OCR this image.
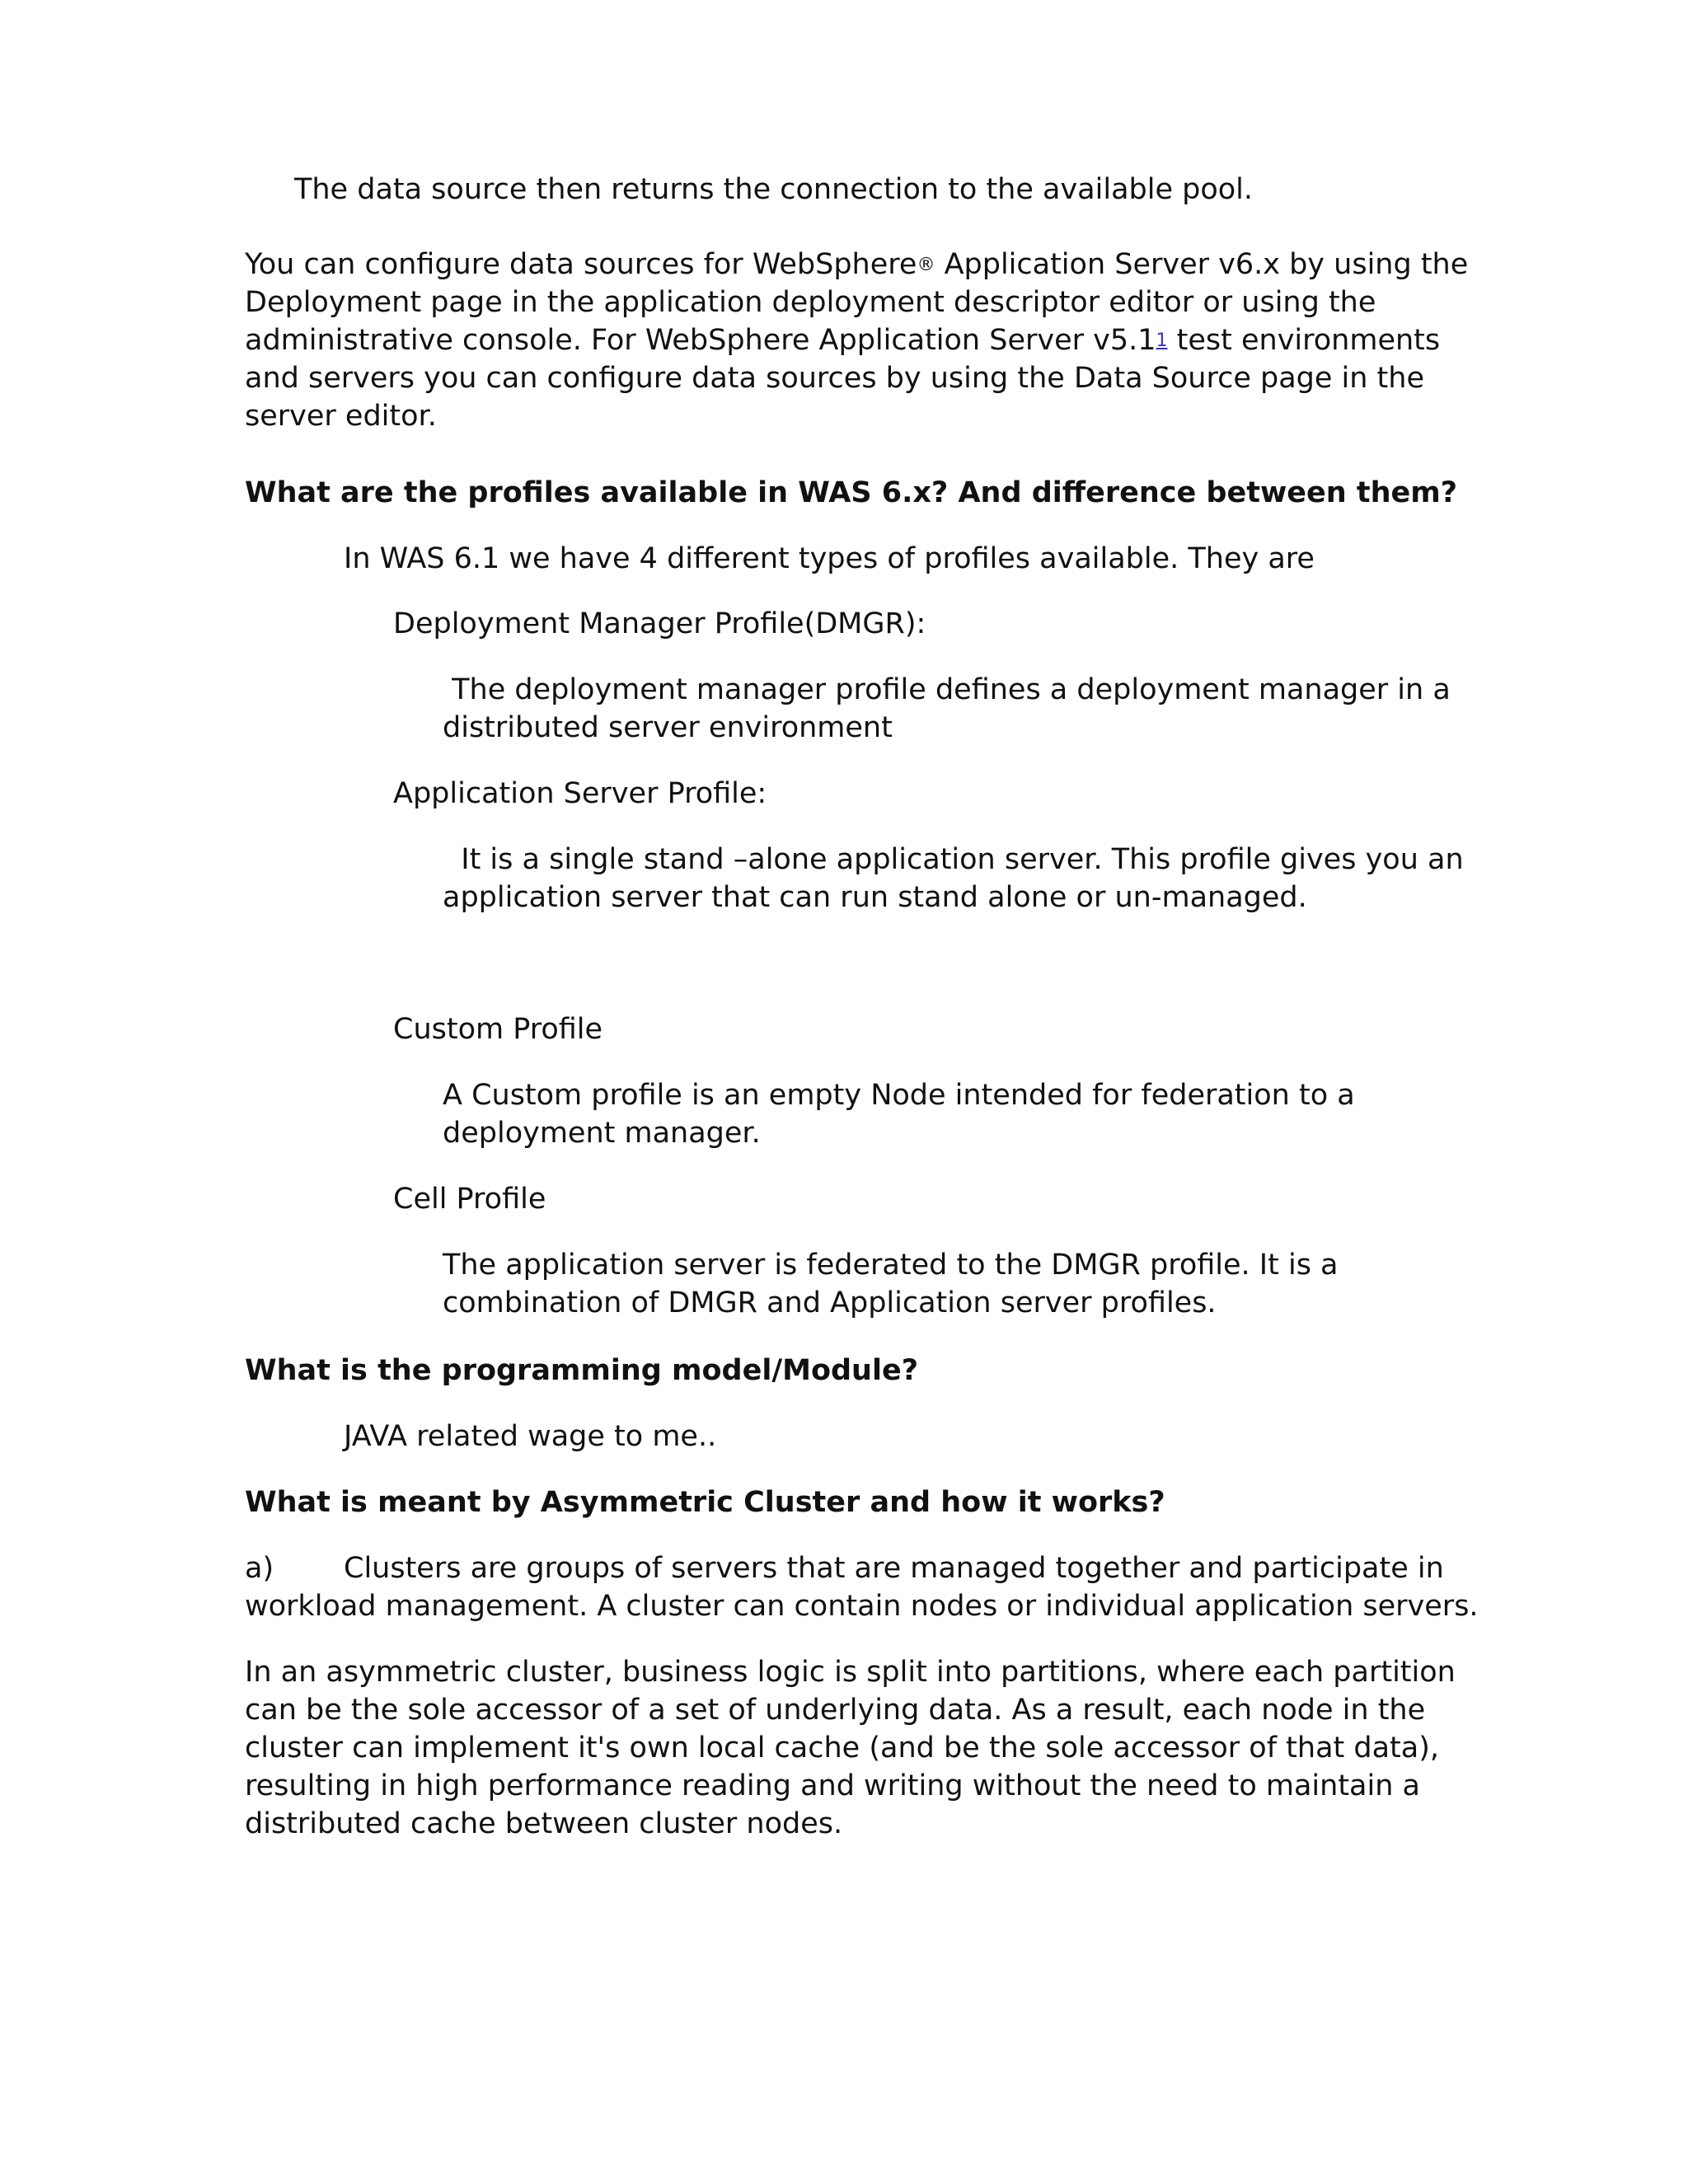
The data source then returns the connection to the available pool.

You can configure data sources for WebSphere® Application Server v6.x by using the

Deployment page in the application deployment descriptor editor or using the

administrative console. For WebSphere Application Server v5.1$^1$ test environments

and servers you can configure data sources by using the Data Source page in the

server editor.

What are the profiles available in WAS 6.x? And difference between them?

In WAS 6.1 we have 4 different types of profiles available. They are

Deployment Manager Profile(DMGR):

The deployment manager profile defines a deployment manager in a

distributed server environment

Application Server Profile:

It is a single stand –alone application server. This profile gives you an

application server that can run stand alone or un-managed.

Custom Profile

A Custom profile is an empty Node intended for federation to a

deployment manager.

Cell Profile

The application server is federated to the DMGR profile. It is a

combination of DMGR and Application server profiles.

What is the programming model/Module?

JAVA related wage to me..

What is meant by Asymmetric Cluster and how it works?

a) Clusters are groups of servers that are managed together and participate in

workload management. A cluster can contain nodes or individual application servers.

In an asymmetric cluster, business logic is split into partitions, where each partition

can be the sole accessor of a set of underlying data. As a result, each node in the

cluster can implement it's own local cache (and be the sole accessor of that data),

resulting in high performance reading and writing without the need to maintain a

distributed cache between cluster nodes.
